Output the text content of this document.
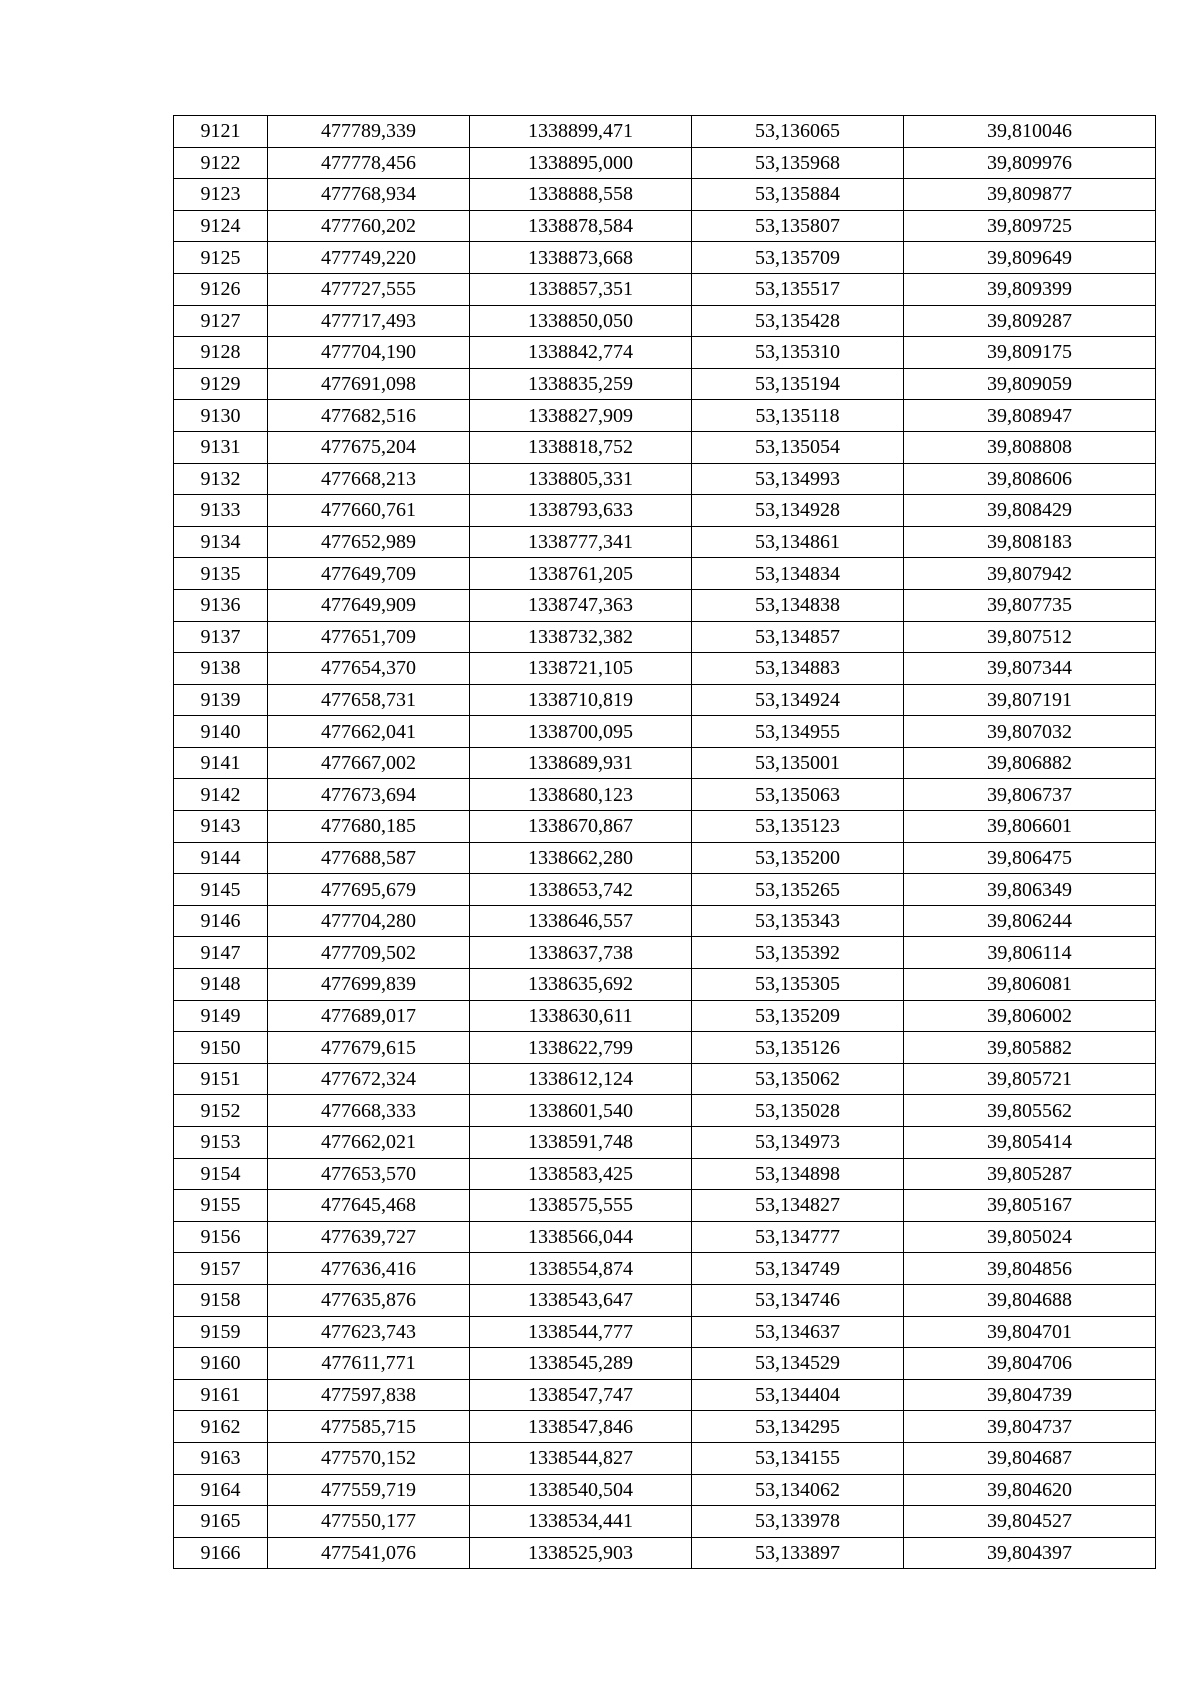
9121	477789,339	1338899,471	53,136065	39,810046
9122	477778,456	1338895,000	53,135968	39,809976
9123	477768,934	1338888,558	53,135884	39,809877
9124	477760,202	1338878,584	53,135807	39,809725
9125	477749,220	1338873,668	53,135709	39,809649
9126	477727,555	1338857,351	53,135517	39,809399
9127	477717,493	1338850,050	53,135428	39,809287
9128	477704,190	1338842,774	53,135310	39,809175
9129	477691,098	1338835,259	53,135194	39,809059
9130	477682,516	1338827,909	53,135118	39,808947
9131	477675,204	1338818,752	53,135054	39,808808
9132	477668,213	1338805,331	53,134993	39,808606
9133	477660,761	1338793,633	53,134928	39,808429
9134	477652,989	1338777,341	53,134861	39,808183
9135	477649,709	1338761,205	53,134834	39,807942
9136	477649,909	1338747,363	53,134838	39,807735
9137	477651,709	1338732,382	53,134857	39,807512
9138	477654,370	1338721,105	53,134883	39,807344
9139	477658,731	1338710,819	53,134924	39,807191
9140	477662,041	1338700,095	53,134955	39,807032
9141	477667,002	1338689,931	53,135001	39,806882
9142	477673,694	1338680,123	53,135063	39,806737
9143	477680,185	1338670,867	53,135123	39,806601
9144	477688,587	1338662,280	53,135200	39,806475
9145	477695,679	1338653,742	53,135265	39,806349
9146	477704,280	1338646,557	53,135343	39,806244
9147	477709,502	1338637,738	53,135392	39,806114
9148	477699,839	1338635,692	53,135305	39,806081
9149	477689,017	1338630,611	53,135209	39,806002
9150	477679,615	1338622,799	53,135126	39,805882
9151	477672,324	1338612,124	53,135062	39,805721
9152	477668,333	1338601,540	53,135028	39,805562
9153	477662,021	1338591,748	53,134973	39,805414
9154	477653,570	1338583,425	53,134898	39,805287
9155	477645,468	1338575,555	53,134827	39,805167
9156	477639,727	1338566,044	53,134777	39,805024
9157	477636,416	1338554,874	53,134749	39,804856
9158	477635,876	1338543,647	53,134746	39,804688
9159	477623,743	1338544,777	53,134637	39,804701
9160	477611,771	1338545,289	53,134529	39,804706
9161	477597,838	1338547,747	53,134404	39,804739
9162	477585,715	1338547,846	53,134295	39,804737
9163	477570,152	1338544,827	53,134155	39,804687
9164	477559,719	1338540,504	53,134062	39,804620
9165	477550,177	1338534,441	53,133978	39,804527
9166	477541,076	1338525,903	53,133897	39,804397
